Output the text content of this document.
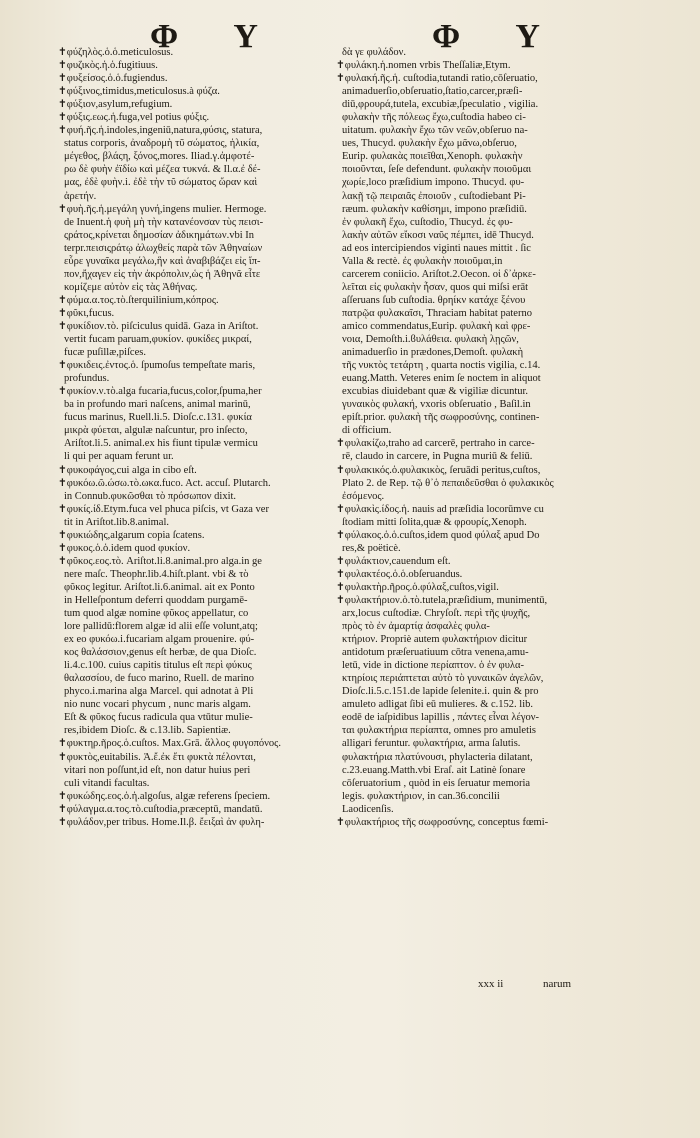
Φ Υ	Φ Υ

✝φύζηλὸς.ὁ.ὁ.meticulosus.

✝φυζικὸς.ἡ.ὁ.fugitiuus.

✝φυξείσος.ὁ.ὁ.fugiendus.

✝φύξινος,timidus,meticulosus.à φύζα.

✝φύξιον,asylum,refugium.

✝φύξις.εως.ἡ.fuga,vel potius φύξις.

✝φυή.ῆς.ἡ.indoles,ingeniū,natura,φύσις, statura,

status corporis, ἀναδρομὴ τῦ σώματος, ἡλικία,

μέγεθος, βλάςη, ξόνος,mores. Iliad.γ.ἀμφοτέ-

ρω δὲ φυὴν ἐϊδίω καὶ μέζεα τυκνά. & Il.α.ἐ δέ-

μας, ἐδὲ φυὴν.i. ἐδὲ τὴν τῦ σώματος ὥραν καὶ

ἀρετήν.

✝φυὴ.ῆς.ἡ.μεγάλη γυνή,ingens mulier. Hermoge.

de Inuent.ἡ φυὴ μὴ τὴν κατανέονσαν τὺς πεισι-

ςράτος,κρίνεται δημοσίαν ἀδικημάτων.vbi In

terpr.πεισιςράτῳ ἀλωχθείς παρὰ τῶν Ἀθηναίων

εὗρε γυναῖκα μεγάλω,ἣν καὶ ἀναβιβάζει εἰς ἵπ-

πον,ἤχαγεν εἰς τὴν ἀκρόπολιν,ὡς ἡ Ἀθηνᾶ εἶτε

κομίζεμε αὐτὸν εἰς τὰς Ἀθήνας.

✝φύμα.α.τος.τὸ.ſterquilinium,κόπρος.

✝φῦκι,fucus.

✝φυκίδιον.τὸ. piſciculus quidā. Gaza in Ariſtot.

vertit fucam paruam,φυκίον. φυκίδες μικραί,

fucæ puſillæ,piſces.

✝φυκιδεις.ἐντος.ὁ. ſpumoſus tempeſtate maris,

profundus.

✝φυκίον.ν.τὸ.alga fucaria,fucus,color,ſpuma,her

ba in profundo mari naſcens, animal marinū,

fucus marinus, Ruell.li.5. Dioſc.c.131. φυκία

μικρὰ φύεται, algulæ naſcuntur, pro inſecto,

Ariſtot.li.5. animal.ex his fiunt tipulæ vermicu

li qui per aquam ferunt ur.

✝φυκοφάγος,cui alga in cibo eſt.

✝φυκόω.ῶ.ώσω.τὸ.ωκα.fuco. Act. accuſ. Plutarch.

in Connub.φυκῶσθαι τὸ πρόσωπον dixit.

✝φυκίς.ίδ.Etym.fuca vel phuca piſcis, vt Gaza ver

tit in Ariſtot.lib.8.animal.

✝φυκιώδης,algarum copia ſcatens.

✝φυκος.ὁ.ὁ.idem quod φυκίον.

✝φῦκος.εος.τὸ. Ariſtot.li.8.animal.pro alga.in ge

nere maſc. Theophr.lib.4.hiſt.plant. vbi & τὸ

φῦκος legitur. Ariſtot.li.6.animal. ait ex Ponto

in Helleſpontum deferri quoddam purgamē-

tum quod algæ nomine φῦκος appellatur, co

lore pallidū:florem algæ id alii eſſe volunt,atq;

ex eo φυκόω.i.fucariam algam prouenire. φύ-

κος θαλάσσιον,genus eſt herbæ, de qua Dioſc.

li.4.c.100. cuius capitis titulus eſt περὶ φύκυς

θαλασσίου, de fuco marino, Ruell. de marino

phyco.i.marina alga Marcel. qui adnotat à Pli

nio nunc vocari phycum , nunc maris algam.

Eſt & φῦκος fucus radicula qua vtūtur mulie-

res,ibidem Dioſc. & c.13.lib. Sapientiæ.

✝φυκτηρ.ῆρος.ὁ.cuſtos. Max.Grā. ἄλλος φυγοπόνος.

✝φυκτὸς,euitabilis. Ἀ.ἔ.ἐκ ἔτι φυκτὰ πέλονται,

vitari non poſſunt,id eſt, non datur huius peri

culi vitandi facultas.

✝φυκώδης.εος.ὁ.ἡ.algoſus, algæ referens ſpeciem.

✝φύλαγμα.α.τος.τὸ.cuſtodia,præceptū, mandatū.

✝φυλάδον,per tribus. Home.Il.β. ἔειξαὶ ἀν φυλη-

δὰ γε φυλάδον.

✝φυλάκη.ἡ.nomen vrbis Theſſaliæ,Etym.

✝φυλακή.ῆς.ἡ. cuſtodia,tutandi ratio,cōſeruatio,

animaduerſio,obſeruatio,ſtatio,carcer,præſi-

diū,φρουρά,tutela, excubiæ,ſpeculatio , vigilia.

φυλακὴν τῆς πόλεως ἔχω,cuſtodia habeo ci-

uitatum. φυλακὴν ἔχω τῶν νεῶν,obſeruo na-

ues, Thucyd. φυλακὴν ἔχω μᾶνω,obſeruo,

Eurip. φυλακὰς ποιεῖθαι,Xenoph. φυλακὴν

ποιοῦνται, ſeſe defendunt. φυλακὴν ποιοῦμαι

χωρίε,loco præſidium impono. Thucyd. φυ-

λακῇ τῷ πειραιᾶς ἐποιοῦν , cuſtodiebant Pi-

ræum. φυλακὴν καθίσημι, impono præſidiū.

ἐν φυλακῆ ἔχω, cuſtodio, Thucyd. ἐς φυ-

λακὴν αὐτῶν εἴκοσι ναῦς πέμπει, idē Thucyd.

ad eos intercipiendos viginti naues mittit . ſic

Valla & rectè. ἐς φυλακὴν ποιοῦμαι,in

carcerem coniicio. Ariſtot.2.Oecon. οἱ δ᾽ἀρκε-

λεῖται εἰς φυλακὴν ἦσαν, quos qui miſsi erāt

aſſeruans ſub cuſtodia. θρηίκν κατάχε ξένου

πατρῷα φυλακαῖσι, Thraciam habitat paterno

amico commendatus,Eurip. φυλακὴ καὶ φρε-

νοια, Demoſth.i.ϐυλάθεια. φυλακὴ λῃςῶν,

animaduerſio in prædones,Demoſt. φυλακὴ

τῆς νυκτὸς τετάρτη , quarta noctis vigilia, c.14.

euang.Matth. Veteres enim ſe noctem in aliquot

excubias diuidebant quæ & vigiliæ dicuntur.

γυναικὸς φυλακή, vxoris obſeruatio , Baſil.in

epiſt.prior. φυλακὴ τῆς σωφροσύνης, continen-

di officium.

✝φυλακίζω,traho ad carcerē, pertraho in carce-

rē, claudo in carcere, in Pugna muriū & feliū.

✝φυλακικός.ὁ.φυλακικὸς, ſeruādi peritus,cuſtos,

Plato 2. de Rep. τῷ θ᾽ὁ πεπαιδεῦσθαι ὁ φυλακικὸς

ἐσόμενος.

✝φυλακὶς.ίδος.ἡ. nauis ad præſidia locorūmve cu

ſtodiam mitti ſolita,quæ & φρουρίς,Xenoph.

✝φύλακος.ὁ.ὁ.cuſtos,idem quod φύλαξ apud Do

res,& poëticè.

✝φυλάκτιον,cauendum eſt.

✝φυλακτέος.ὁ.ὁ.obſeruandus.

✝φυλακτὴρ.ῆρος.ὁ.φύλαξ,cuſtos,vigil.

✝φυλακτήριον.ὁ.τὸ.tutela,præſidium, munimentū,

arx,locus cuſtodiæ. Chryſoſt. περὶ τῆς ψυχῆς,

πρὸς τὸ ἐν ἀμαρτίᾳ ἀσφαλὲς φυλα-

κτήριον. Propriè autem φυλακτήριον dicitur

antidotum præſeruatiuum cōtra venena,amu-

letū, vide in dictione περίαπτον. ὁ ἐν φυλα-

κτηρίοις περιάπτεται αὐτὸ τὸ γυναικῶν ἀγελῶν,

Dioſc.li.5.c.151.de lapide ſelenite.i. quin & pro

amuleto adligat ſibi eū mulieres. & c.152. lib.

eodē de iaſpidibus lapillis , πάντες εἶναι λέγον-

ται φυλακτήρια περίαπτα, omnes pro amuletis

alligari feruntur. φυλακτήρια, arma ſalutis.

φυλακτήρια πλατύνουσι, phylacteria dilatant,

c.23.euang.Matth.vbi Eraſ. ait Latinè ſonare

cōſeruatorium , quòd in eis ſeruatur memoria

legis. φυλακτήριον, in can.36.concilii

Laodicenſis.

✝φυλακτήριος τῆς σωφροσύνης, conceptus fœmi-

xxx ii	narum
